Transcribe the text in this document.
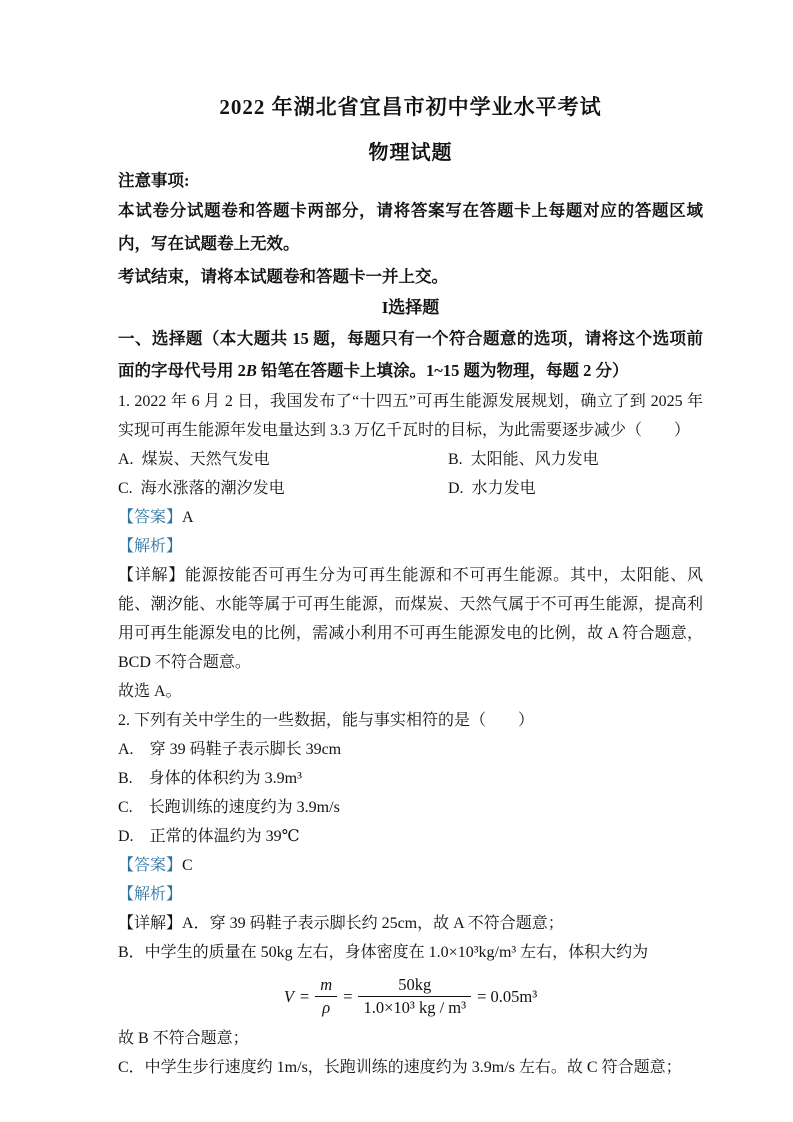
2022 年湖北省宜昌市初中学业水平考试
物理试题

注意事项:

本试卷分试题卷和答题卡两部分，请将答案写在答题卡上每题对应的答题区域内，写在试题卷上无效。

考试结束，请将本试题卷和答题卡一并上交。

I选择题

一、选择题（本大题共 15 题，每题只有一个符合题意的选项，请将这个选项前面的字母代号用 2B 铅笔在答题卡上填涂。1~15 题为物理，每题 2 分）

1. 2022 年 6 月 2 日，我国发布了“十四五”可再生能源发展规划，确立了到 2025 年实现可再生能源年发电量达到 3.3 万亿千瓦时的目标，为此需要逐步减少（　　）

A. 煤炭、天然气发电	B. 太阳能、风力发电
C. 海水涨落的潮汐发电	D. 水力发电

【答案】A

【解析】

【详解】能源按能否可再生分为可再生能源和不可再生能源。其中，太阳能、风能、潮汐能、水能等属于可再生能源，而煤炭、天然气属于不可再生能源，提高利用可再生能源发电的比例，需减小利用不可再生能源发电的比例，故 A 符合题意，BCD 不符合题意。

故选 A。

2. 下列有关中学生的一些数据，能与事实相符的是（　　）

A. 穿 39 码鞋子表示脚长 39cm
B. 身体的体积约为 3.9m³
C. 长跑训练的速度约为 3.9m/s
D. 正常的体温约为 39℃

【答案】C

【解析】

【详解】A．穿 39 码鞋子表示脚长约 25cm，故 A 不符合题意；

B．中学生的质量在 50kg 左右，身体密度在 1.0×10³kg/m³ 左右，体积大约为

$V = \frac{m}{\rho} = \frac{50kg}{\text{1.0×10³ kg / m³}} = 0.05m^3$

故 B 不符合题意；

C．中学生步行速度约 1m/s，长跑训练的速度约为 3.9m/s 左右。故 C 符合题意；
